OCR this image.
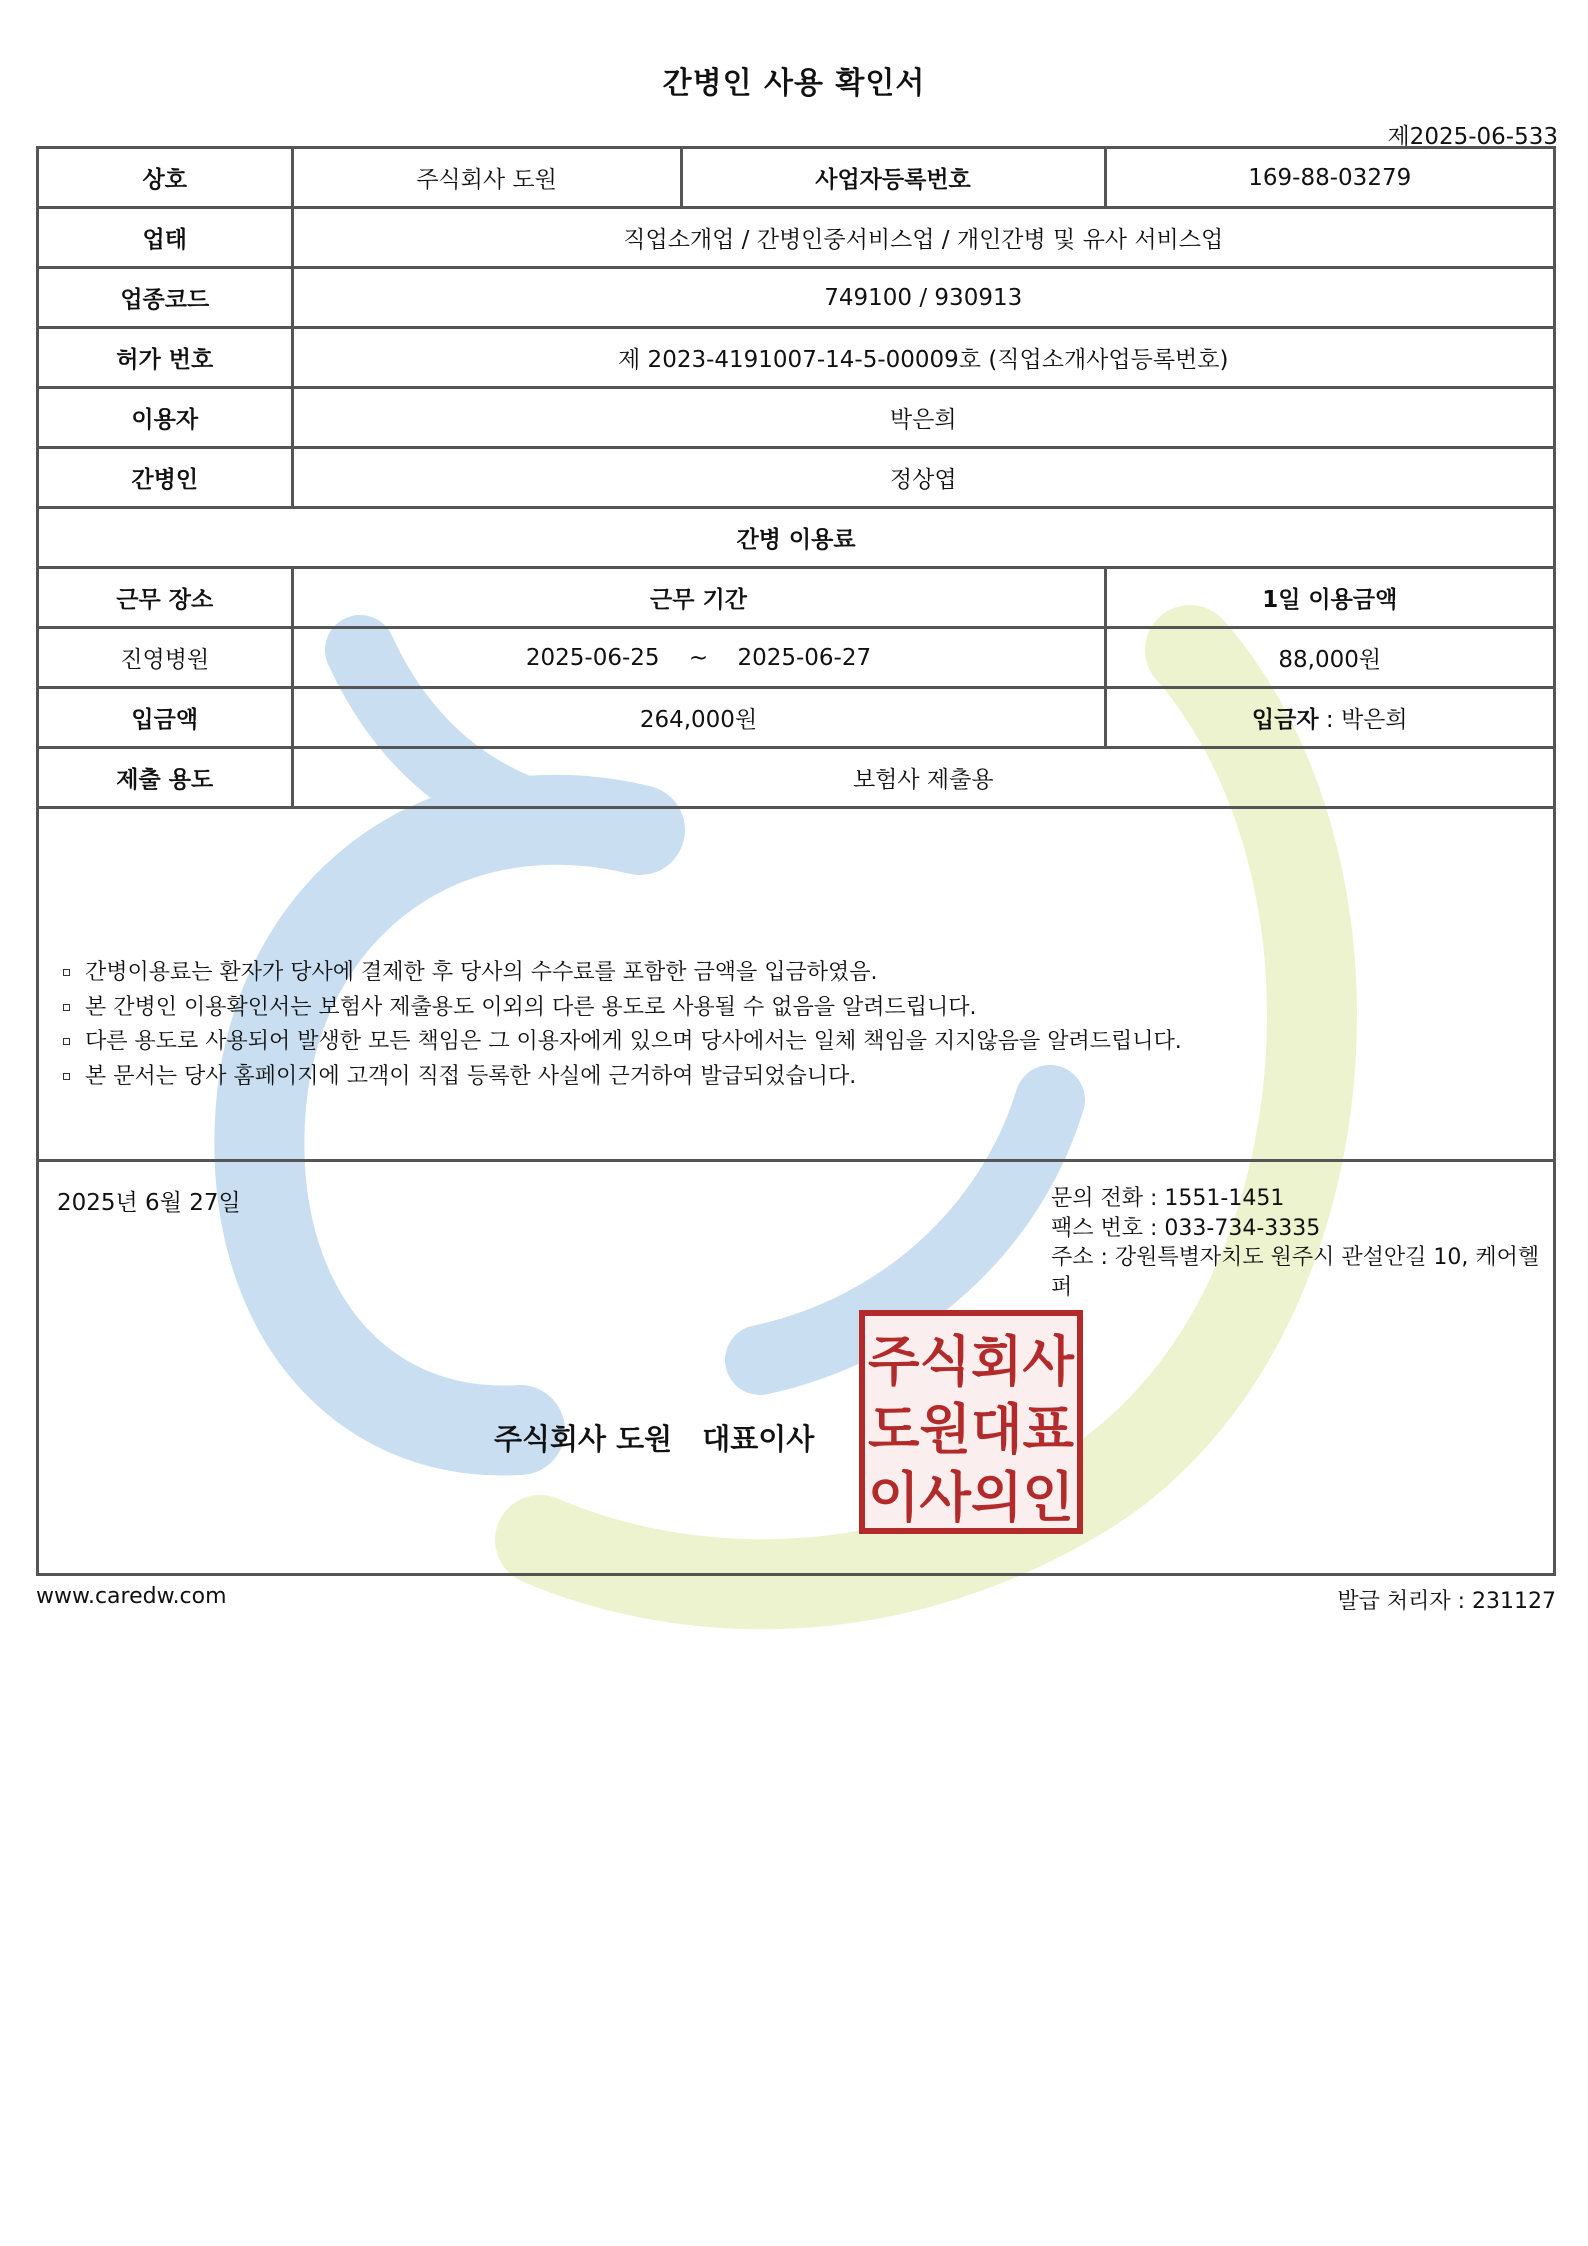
간병인 사용 확인서
제2025-06-533
상호	주식회사 도원	사업자등록번호	169-88-03279
업태	직업소개업 / 간병인중서비스업 / 개인간병 및 유사 서비스업		
업종코드	749100 / 930913		
허가 번호	제 2023-4191007-14-5-00009호 (직업소개사업등록번호)		
이용자	박은희		
간병인	정상엽		
간병 이용료			
근무 장소	근무 기간		1일 이용금액
진영병원	2025-06-25 ~ 2025-06-27		88,000원
입금액	264,000원		입금자 : 박은희
제출 용도	보험사 제출용		
간병이용료는 환자가 당사에 결제한 후 당사의 수수료를 포함한 금액을 입금하였음.
본 간병인 이용확인서는 보험사 제출용도 이외의 다른 용도로 사용될 수 없음을 알려드립니다.
다른 용도로 사용되어 발생한 모든 책임은 그 이용자에게 있으며 당사에서는 일체 책임을 지지않음을 알려드립니다.
본 문서는 당사 홈페이지에 고객이 직접 등록한 사실에 근거하여 발급되었습니다.
2025년 6월 27일	문의 전화 : 1551-1451
팩스 번호 : 033-734-3335
주소 : 강원특별자치도 원주시 관설안길 10, 케어헬퍼
주식회사 도원 대표이사
주식회사
도원대표
이사의인
www.caredw.com	발급 처리자 : 231127
